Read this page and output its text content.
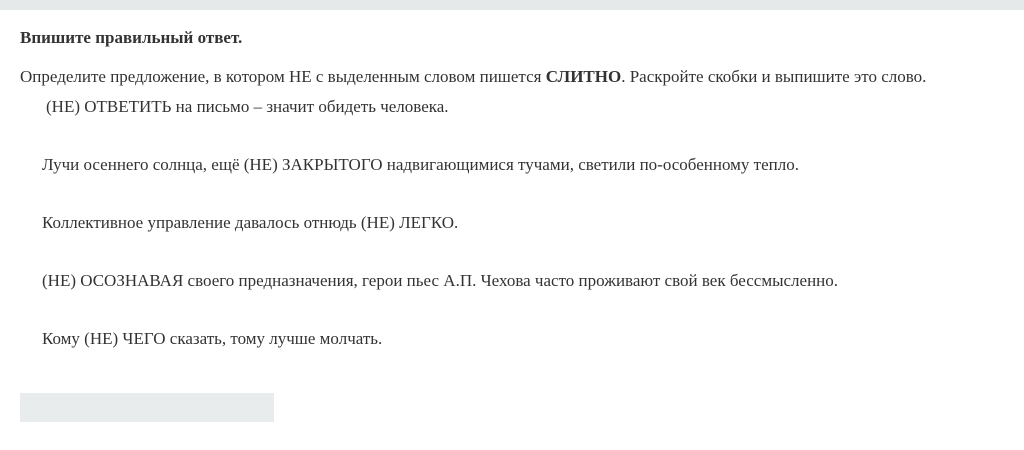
Впишите правильный ответ.
Определите предложение, в котором НЕ с выделенным словом пишется СЛИТНО. Раскройте скобки и выпишите это слово.
(НЕ) ОТВЕТИТЬ на письмо – значит обидеть человека.
Лучи осеннего солнца, ещё (НЕ) ЗАКРЫТОГО надвигающимися тучами, светили по-особенному тепло.
Коллективное управление давалось отнюдь (НЕ) ЛЕГКО.
(НЕ) ОСОЗНАВАЯ своего предназначения, герои пьес А.П. Чехова часто проживают свой век бессмысленно.
Кому (НЕ) ЧЕГО сказать, тому лучше молчать.
